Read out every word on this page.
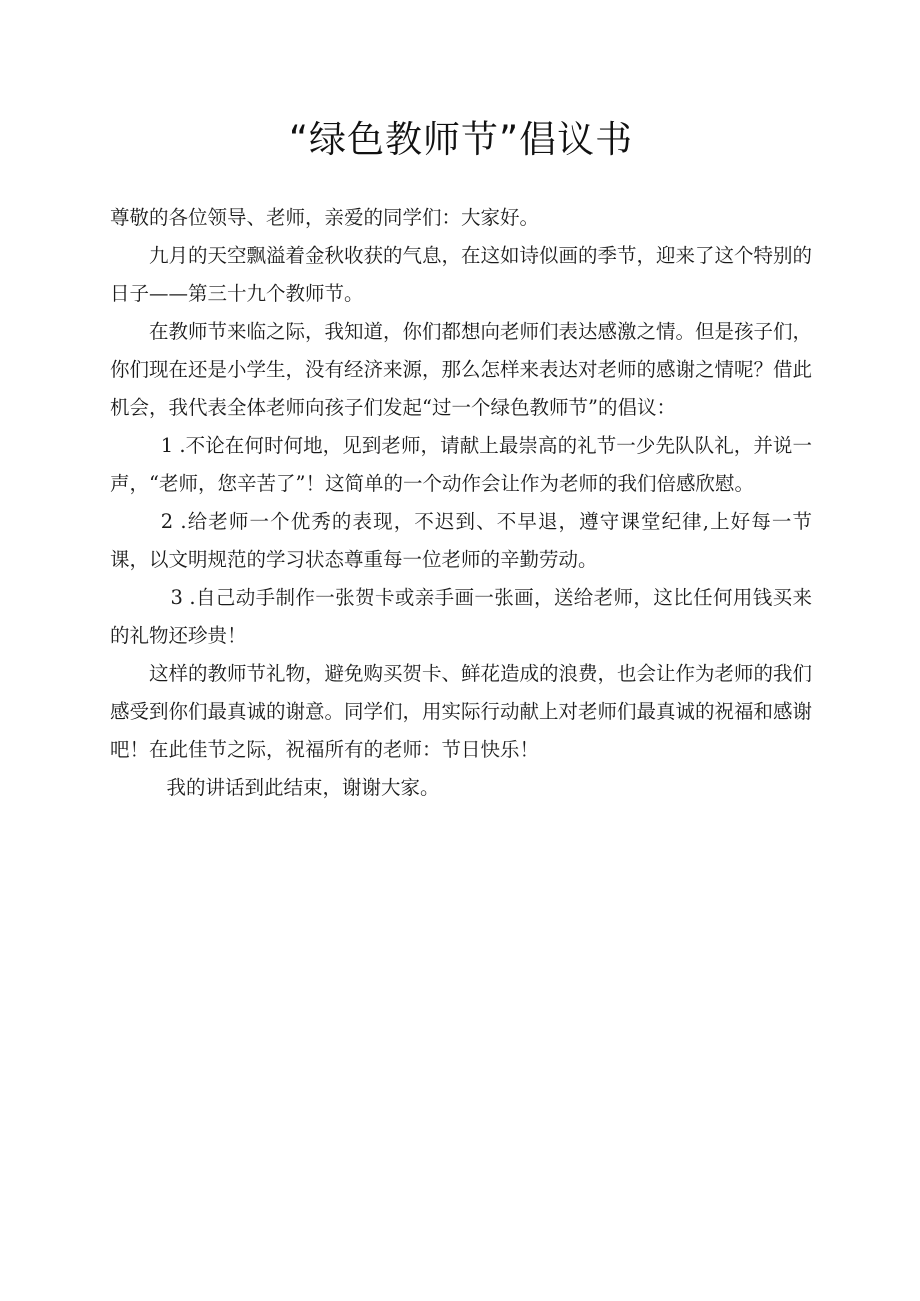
“绿色教师节”倡议书

尊敬的各位领导、老师，亲爱的同学们：大家好。

九月的天空飘溢着金秋收获的气息，在这如诗似画的季节，迎来了这个特别的日子——第三十九个教师节。

在教师节来临之际，我知道，你们都想向老师们表达感激之情。但是孩子们，你们现在还是小学生，没有经济来源，那么怎样来表达对老师的感谢之情呢？借此机会，我代表全体老师向孩子们发起“过一个绿色教师节”的倡议：

1 .不论在何时何地，见到老师，请献上最崇高的礼节一少先队队礼，并说一声，“老师，您辛苦了”！这简单的一个动作会让作为老师的我们倍感欣慰。

2 .给老师一个优秀的表现，不迟到、不早退，遵守课堂纪律,上好每一节课，以文明规范的学习状态尊重每一位老师的辛勤劳动。

3 .自己动手制作一张贺卡或亲手画一张画，送给老师，这比任何用钱买来的礼物还珍贵！

这样的教师节礼物，避免购买贺卡、鲜花造成的浪费，也会让作为老师的我们感受到你们最真诚的谢意。同学们，用实际行动献上对老师们最真诚的祝福和感谢吧！在此佳节之际，祝福所有的老师：节日快乐！

我的讲话到此结束，谢谢大家。
